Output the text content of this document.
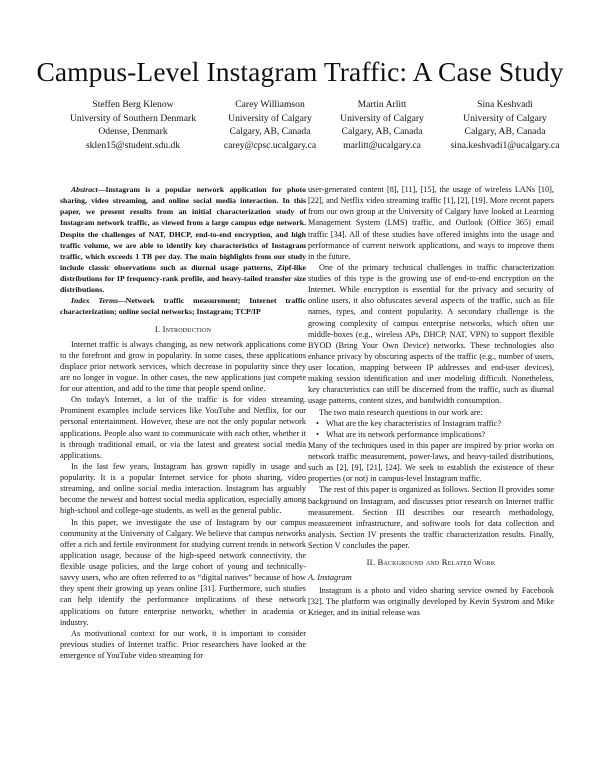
Campus-Level Instagram Traffic: A Case Study
Steffen Berg Klenow
University of Southern Denmark
Odense, Denmark
sklen15@student.sdu.dk
Carey Williamson
University of Calgary
Calgary, AB, Canada
carey@cpsc.ucalgary.ca
Martin Arlitt
University of Calgary
Calgary, AB, Canada
marlitt@ucalgary.ca
Sina Keshvadi
University of Calgary
Calgary, AB, Canada
sina.keshvadi1@ucalgary.ca

Abstract—Instagram is a popular network application for photo sharing, video streaming, and online social media interaction. In this paper, we present results from an initial characterization study of Instagram network traffic, as viewed from a large campus edge network. Despite the challenges of NAT, DHCP, end-to-end encryption, and high traffic volume, we are able to identify key characteristics of Instagram traffic, which exceeds 1 TB per day. The main highlights from our study include classic observations such as diurnal usage patterns, Zipf-like distributions for IP frequency-rank profile, and heavy-tailed transfer size distributions.

Index Terms—Network traffic measurement; Internet traffic characterization; online social networks; Instagram; TCP/IP

I. Introduction

Internet traffic is always changing, as new network applications come to the forefront and grow in popularity. In some cases, these applications displace prior network services, which decrease in popularity since they are no longer in vogue. In other cases, the new applications just compete for our attention, and add to the time that people spend online.

On today's Internet, a lot of the traffic is for video streaming. Prominent examples include services like YouTube and Netflix, for our personal entertainment. However, these are not the only popular network applications. People also want to communicate with each other, whether it is through traditional email, or via the latest and greatest social media applications.

In the last few years, Instagram has grown rapidly in usage and popularity. It is a popular Internet service for photo sharing, video streaming, and online social media interaction. Instagram has arguably become the newest and hottest social media application, especially among high-school and college-age students, as well as the general public.

In this paper, we investigate the use of Instagram by our campus community at the University of Calgary. We believe that campus networks offer a rich and fertile environment for studying current trends in network application usage, because of the high-speed network connectivity, the flexible usage policies, and the large cohort of young and technically-savvy users, who are often referred to as “digital natives” because of how they spent their growing up years online [31]. Furthermore, such studies can help identify the performance implications of these network applications on future enterprise networks, whether in academia or industry.

As motivational context for our work, it is important to consider previous studies of Internet traffic. Prior researchers have looked at the emergence of YouTube video streaming for

user-generated content [8], [11], [15], the usage of wireless LANs [10], [22], and Netflix video streaming traffic [1], [2], [19]. More recent papers from our own group at the University of Calgary have looked at Learning Management System (LMS) traffic, and Outlook (Office 365) email traffic [34]. All of these studies have offered insights into the usage and performance of current network applications, and ways to improve them in the future.

One of the primary technical challenges in traffic characterization studies of this type is the growing use of end-to-end encryption on the Internet. While encryption is essential for the privacy and security of online users, it also obfuscates several aspects of the traffic, such as file names, types, and content popularity. A secondary challenge is the growing complexity of campus enterprise networks, which often use middle-boxes (e.g., wireless APs, DHCP, NAT, VPN) to support flexible BYOD (Bring Your Own Device) networks. These technologies also enhance privacy by obscuring aspects of the traffic (e.g., number of users, user location, mapping between IP addresses and end-user devices), making session identification and user modeling difficult. Nonetheless, key characteristics can still be discerned from the traffic, such as diurnal usage patterns, content sizes, and bandwidth consumption.

The two main research questions in our work are:

• What are the key characteristics of Instagram traffic?
• What are its network performance implications?

Many of the techniques used in this paper are inspired by prior works on network traffic measurement, power-laws, and heavy-tailed distributions, such as [2], [9], [21], [24]. We seek to establish the existence of these properties (or not) in campus-level Instagram traffic.

The rest of this paper is organized as follows. Section II provides some background on Instagram, and discusses prior research on Internet traffic measurement. Section III describes our research methodology, measurement infrastructure, and software tools for data collection and analysis. Section IV presents the traffic characterization results. Finally, Section V concludes the paper.

II. Background and Related Work
A. Instagram

Instagram is a photo and video sharing service owned by Facebook [32]. The platform was originally developed by Kevin Systrom and Mike Krieger, and its initial release was
